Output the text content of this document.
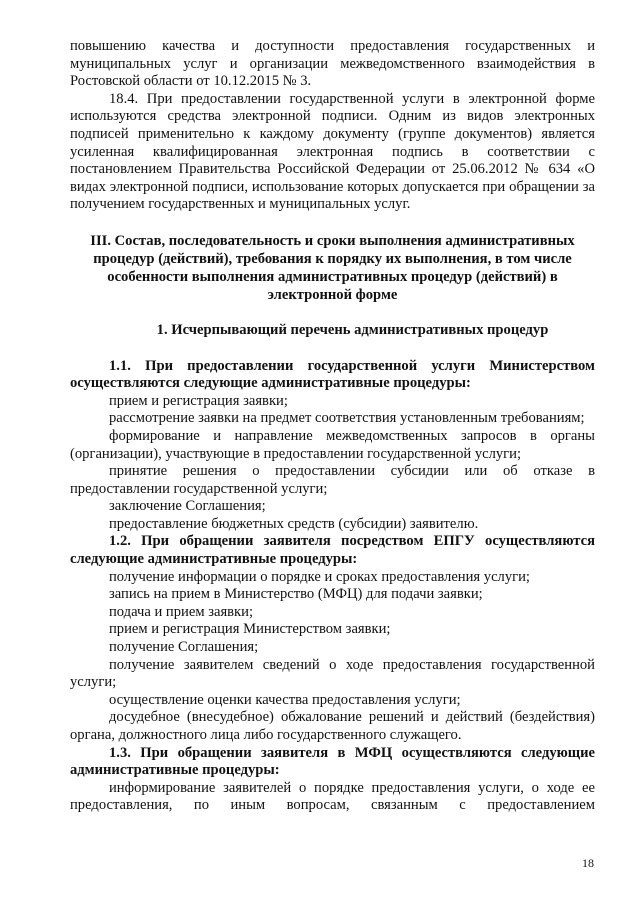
повышению качества и доступности предоставления государственных и муниципальных услуг и организации межведомственного взаимодействия в Ростовской области от 10.12.2015 № 3.

18.4. При предоставлении государственной услуги в электронной форме используются средства электронной подписи. Одним из видов электронных подписей применительно к каждому документу (группе документов) является усиленная квалифицированная электронная подпись в соответствии с постановлением Правительства Российской Федерации от 25.06.2012 № 634 «О видах электронной подписи, использование которых допускается при обращении за получением государственных и муниципальных услуг.

III. Состав, последовательность и сроки выполнения административных процедур (действий), требования к порядку их выполнения, в том числе особенности выполнения административных процедур (действий) в электронной форме

1. Исчерпывающий перечень административных процедур

1.1. При предоставлении государственной услуги Министерством осуществляются следующие административные процедуры:

прием и регистрация заявки;

рассмотрение заявки на предмет соответствия установленным требованиям;

формирование и направление межведомственных запросов в органы (организации), участвующие в предоставлении государственной услуги;

принятие решения о предоставлении субсидии или об отказе в предоставлении государственной услуги;

заключение Соглашения;

предоставление бюджетных средств (субсидии) заявителю.

1.2. При обращении заявителя посредством ЕПГУ осуществляются следующие административные процедуры:

получение информации о порядке и сроках предоставления услуги;

запись на прием в Министерство (МФЦ) для подачи заявки;

подача и прием заявки;

прием и регистрация Министерством заявки;

получение Соглашения;

получение заявителем сведений о ходе предоставления государственной услуги;

осуществление оценки качества предоставления услуги;

досудебное (внесудебное) обжалование решений и действий (бездействия) органа, должностного лица либо государственного служащего.

1.3. При обращении заявителя в МФЦ осуществляются следующие административные процедуры:

информирование заявителей о порядке предоставления услуги, о ходе ее предоставления, по иным вопросам, связанным с предоставлением

18
